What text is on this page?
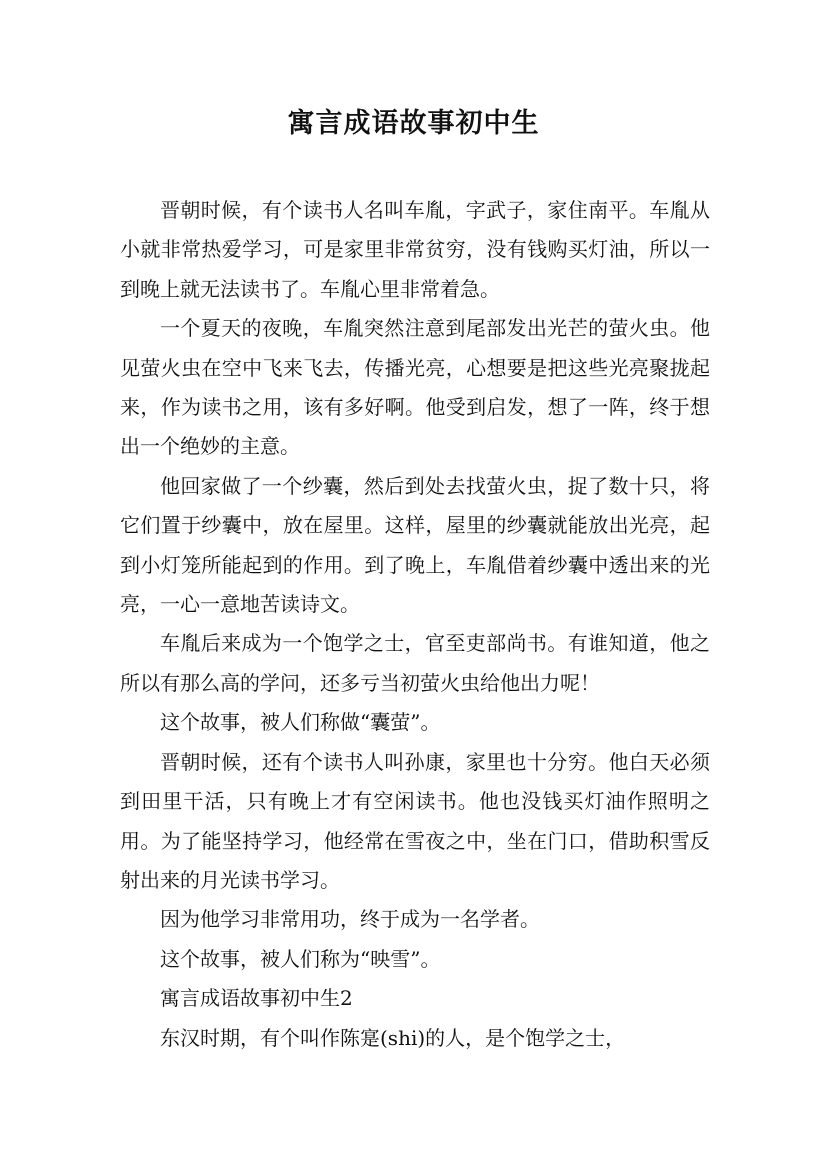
寓言成语故事初中生

晋朝时候，有个读书人名叫车胤，字武子，家住南平。车胤从小就非常热爱学习，可是家里非常贫穷，没有钱购买灯油，所以一到晚上就无法读书了。车胤心里非常着急。

一个夏天的夜晚，车胤突然注意到尾部发出光芒的萤火虫。他见萤火虫在空中飞来飞去，传播光亮，心想要是把这些光亮聚拢起来，作为读书之用，该有多好啊。他受到启发，想了一阵，终于想出一个绝妙的主意。

他回家做了一个纱囊，然后到处去找萤火虫，捉了数十只，将它们置于纱囊中，放在屋里。这样，屋里的纱囊就能放出光亮，起到小灯笼所能起到的作用。到了晚上，车胤借着纱囊中透出来的光亮，一心一意地苦读诗文。

车胤后来成为一个饱学之士，官至吏部尚书。有谁知道，他之所以有那么高的学问，还多亏当初萤火虫给他出力呢！

这个故事，被人们称做“囊萤”。

晋朝时候，还有个读书人叫孙康，家里也十分穷。他白天必须到田里干活，只有晚上才有空闲读书。他也没钱买灯油作照明之用。为了能坚持学习，他经常在雪夜之中，坐在门口，借助积雪反射出来的月光读书学习。

因为他学习非常用功，终于成为一名学者。

这个故事，被人们称为“映雪”。

寓言成语故事初中生2

东汉时期，有个叫作陈寔(shi)的人，是个饱学之士，
